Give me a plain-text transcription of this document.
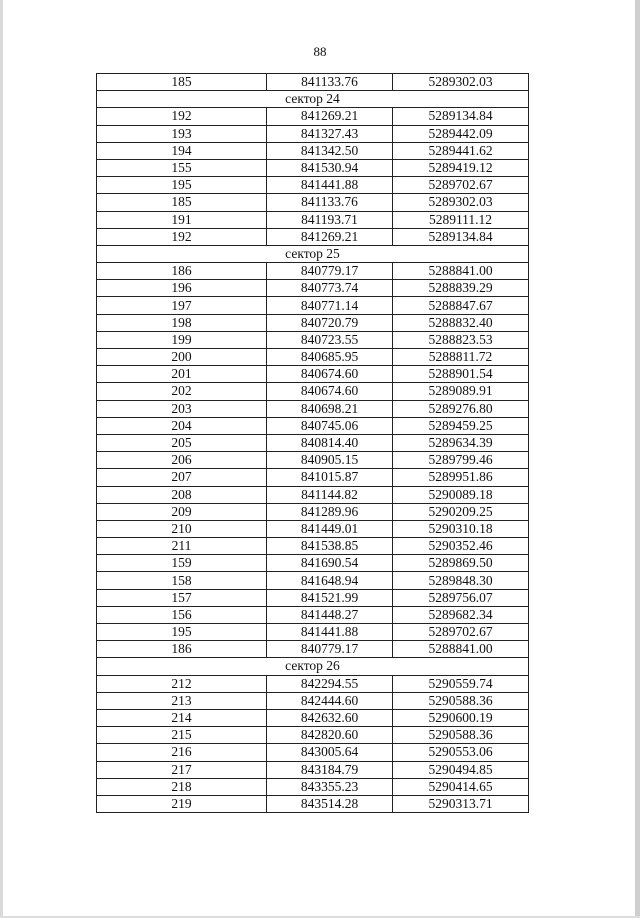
88
185	841133.76	5289302.03
сектор 24		
192	841269.21	5289134.84
193	841327.43	5289442.09
194	841342.50	5289441.62
155	841530.94	5289419.12
195	841441.88	5289702.67
185	841133.76	5289302.03
191	841193.71	5289111.12
192	841269.21	5289134.84
сектор 25		
186	840779.17	5288841.00
196	840773.74	5288839.29
197	840771.14	5288847.67
198	840720.79	5288832.40
199	840723.55	5288823.53
200	840685.95	5288811.72
201	840674.60	5288901.54
202	840674.60	5289089.91
203	840698.21	5289276.80
204	840745.06	5289459.25
205	840814.40	5289634.39
206	840905.15	5289799.46
207	841015.87	5289951.86
208	841144.82	5290089.18
209	841289.96	5290209.25
210	841449.01	5290310.18
211	841538.85	5290352.46
159	841690.54	5289869.50
158	841648.94	5289848.30
157	841521.99	5289756.07
156	841448.27	5289682.34
195	841441.88	5289702.67
186	840779.17	5288841.00
сектор 26		
212	842294.55	5290559.74
213	842444.60	5290588.36
214	842632.60	5290600.19
215	842820.60	5290588.36
216	843005.64	5290553.06
217	843184.79	5290494.85
218	843355.23	5290414.65
219	843514.28	5290313.71
